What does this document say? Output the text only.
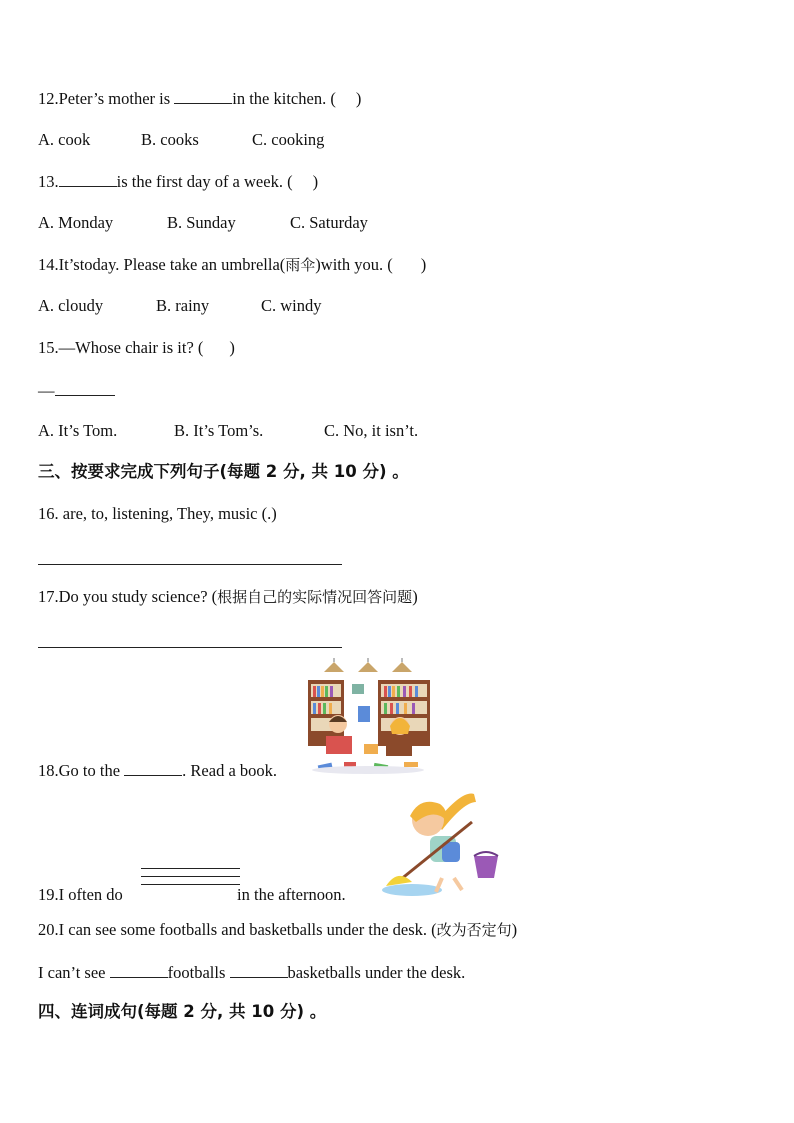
12.Peter’s mother is	in the kitchen. ( )
A. cook	B. cooks	C. cooking
13.	is the first day of a week. ( )
A. Monday	B. Sunday	C. Saturday
14.It’stoday. Please take an umbrella(雨伞)with you. ( )
A. cloudy	B. rainy	C. windy
15.—Whose chair is it? ( )
—
A. It’s Tom.	B. It’s Tom’s.	C. No, it isn’t.
三、按要求完成下列句子(每题 2 分, 共 10 分) 。
16. are, to, listening, They, music (.)
17.Do you study science? (根据自己的实际情况回答问题)
18.Go to the	. Read a book.
19.I often do	in the afternoon.
20.I can see some footballs and basketballs under the desk. (改为否定句)
I can’t see	footballs	basketballs under the desk.
四、连词成句(每题 2 分, 共 10 分) 。
